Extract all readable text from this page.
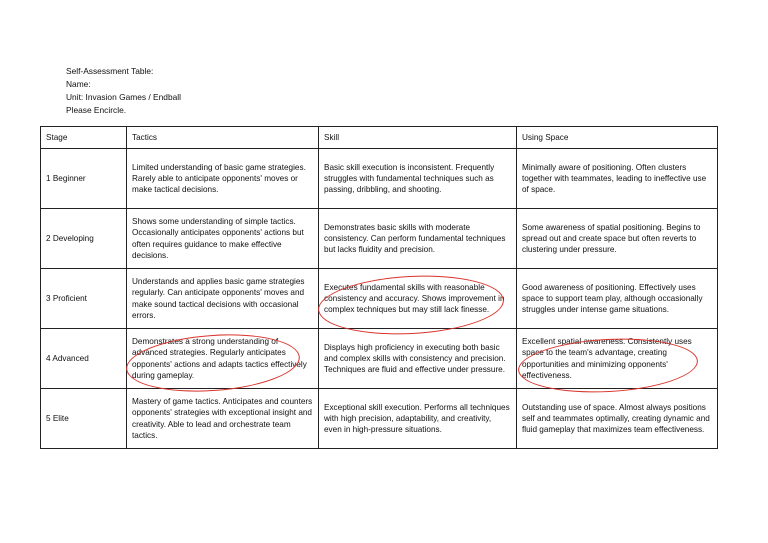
Self-Assessment Table:
Name:
Unit: Invasion Games / Endball
Please Encircle.
Stage	Tactics	Skill	Using Space
1 Beginner	Limited understanding of basic game strategies. Rarely able to anticipate opponents' moves or make tactical decisions.	Basic skill execution is inconsistent. Frequently struggles with fundamental techniques such as passing, dribbling, and shooting.	Minimally aware of positioning. Often clusters together with teammates, leading to ineffective use of space.
2 Developing	Shows some understanding of simple tactics. Occasionally anticipates opponents' actions but often requires guidance to make effective decisions.	Demonstrates basic skills with moderate consistency. Can perform fundamental techniques but lacks fluidity and precision.	Some awareness of spatial positioning. Begins to spread out and create space but often reverts to clustering under pressure.
3 Proficient	Understands and applies basic game strategies regularly. Can anticipate opponents' moves and make sound tactical decisions with occasional errors.	Executes fundamental skills with reasonable consistency and accuracy. Shows improvement in complex techniques but may still lack finesse.	Good awareness of positioning. Effectively uses space to support team play, although occasionally struggles under intense game situations.
4 Advanced	Demonstrates a strong understanding of advanced strategies. Regularly anticipates opponents' actions and adapts tactics effectively during gameplay.	Displays high proficiency in executing both basic and complex skills with consistency and precision. Techniques are fluid and effective under pressure.	Excellent spatial awareness. Consistently uses space to the team's advantage, creating opportunities and minimizing opponents' effectiveness.
5 Elite	Mastery of game tactics. Anticipates and counters opponents' strategies with exceptional insight and creativity. Able to lead and orchestrate team tactics.	Exceptional skill execution. Performs all techniques with high precision, adaptability, and creativity, even in high-pressure situations.	Outstanding use of space. Almost always positions self and teammates optimally, creating dynamic and fluid gameplay that maximizes team effectiveness.
